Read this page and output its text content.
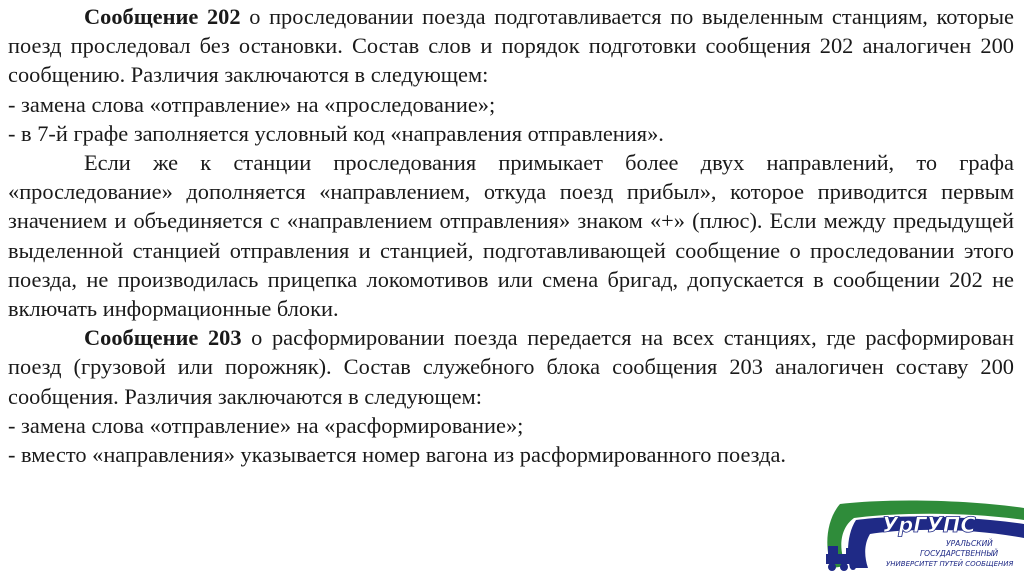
Сообщение 202 о проследовании поезда подготавливается по выделенным станциям, которые поезд проследовал без остановки. Состав слов и порядок подготовки сообщения 202 аналогичен 200 сообщению. Различия заключаются в следующем:

- замена слова «отправление» на «проследование»;

- в 7-й графе заполняется условный код «направления отправления».

Если же к станции проследования примыкает более двух направлений, то графа «проследование» дополняется «направлением, откуда поезд прибыл», которое приводится первым значением и объединяется с «направлением отправления» знаком «+» (плюс). Если между предыдущей выделенной станцией отправления и станцией, подготавливающей сообщение о проследовании этого поезда, не производилась прицепка локомотивов или смена бригад, допускается в сообщении 202 не включать информационные блоки.

Сообщение 203 о расформировании поезда передается на всех станциях, где расформирован поезд (грузовой или порожняк). Состав служебного блока сообщения 203 аналогичен составу 200 сообщения. Различия заключаются в следующем:

- замена слова «отправление» на «расформирование»;

- вместо «направления» указывается номер вагона из расформированного поезда.

УрГУПС
УРАЛЬСКИЙ
ГОСУДАРСТВЕННЫЙ
УНИВЕРСИТЕТ ПУТЕЙ СООБЩЕНИЯ
